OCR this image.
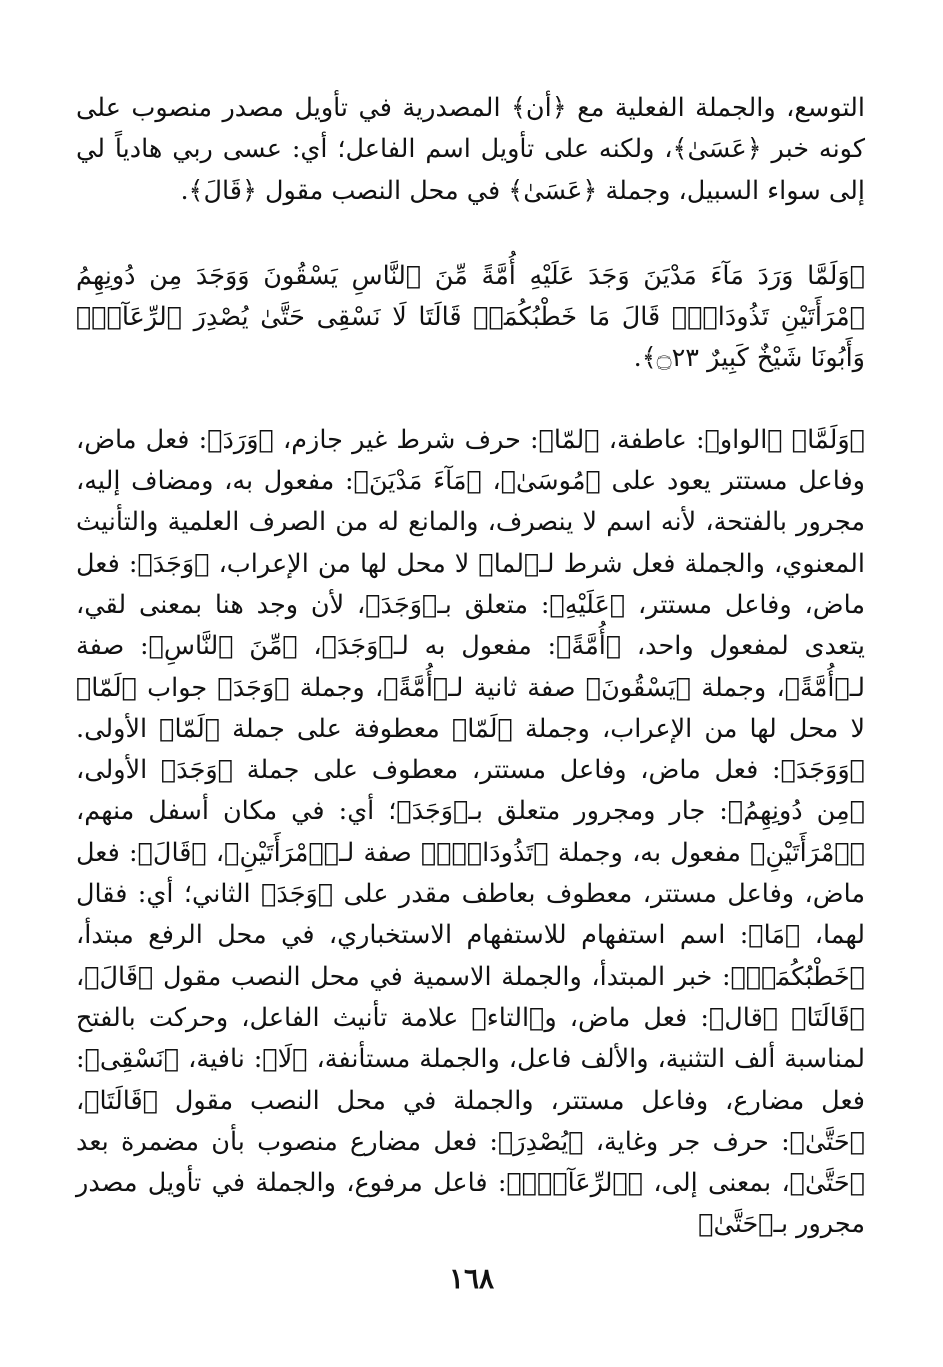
التوسع، والجملة الفعلية مع ﴿أن﴾ المصدرية في تأويل مصدر منصوب على كونه خبر ﴿عَسَىٰ﴾، ولكنه على تأويل اسم الفاعل؛ أي: عسى ربي هادياً لي إلى سواء السبيل، وجملة ﴿عَسَىٰ﴾ في محل النصب مقول ﴿قَالَ﴾.

﴿وَلَمَّا وَرَدَ مَآءَ مَدْيَنَ وَجَدَ عَلَيْهِ أُمَّةً مِّنَ ٱلنَّاسِ يَسْقُونَ وَوَجَدَ مِن دُونِهِمُ ٱمْرَأَتَيْنِ تَذُودَانِۖ قَالَ مَا خَطْبُكُمَاۖ قَالَتَا لَا نَسْقِى حَتَّىٰ يُصْدِرَ ٱلرِّعَآءُۖ وَأَبُونَا شَيْخٌ كَبِيرٌ ۝٢٣﴾.

﴿وَلَمَّا﴾ ﴿الواو﴾: عاطفة، ﴿لمّا﴾: حرف شرط غير جازم، ﴿وَرَدَ﴾: فعل ماض، وفاعل مستتر يعود على ﴿مُوسَىٰ﴾، ﴿مَآءَ مَدْيَنَ﴾: مفعول به، ومضاف إليه، مجرور بالفتحة، لأنه اسم لا ينصرف، والمانع له من الصرف العلمية والتأنيث المعنوي، والجملة فعل شرط لـ﴿لما﴾ لا محل لها من الإعراب، ﴿وَجَدَ﴾: فعل ماض، وفاعل مستتر، ﴿عَلَيْهِ﴾: متعلق بـ﴿وَجَدَ﴾، لأن وجد هنا بمعنى لقي، يتعدى لمفعول واحد، ﴿أُمَّةً﴾: مفعول به لـ﴿وَجَدَ﴾، ﴿مِّنَ ٱلنَّاسِ﴾: صفة لـ﴿أُمَّةً﴾، وجملة ﴿يَسْقُونَ﴾ صفة ثانية لـ﴿أُمَّةً﴾، وجملة ﴿وَجَدَ﴾ جواب ﴿لَمّا﴾ لا محل لها من الإعراب، وجملة ﴿لَمّا﴾ معطوفة على جملة ﴿لَمّا﴾ الأولى. ﴿وَوَجَدَ﴾: فعل ماض، وفاعل مستتر، معطوف على جملة ﴿وَجَدَ﴾ الأولى، ﴿مِن دُونِهِمُ﴾: جار ومجرور متعلق بـ﴿وَجَدَ﴾؛ أي: في مكان أسفل منهم، ﴿ٱمْرَأَتَيْنِ﴾ مفعول به، وجملة ﴿تَذُودَانِۖ﴾ صفة لـ﴿ٱمْرَأَتَيْنِ﴾، ﴿قَالَ﴾: فعل ماض، وفاعل مستتر، معطوف بعاطف مقدر على ﴿وَجَدَ﴾ الثاني؛ أي: فقال لهما، ﴿مَا﴾: اسم استفهام للاستفهام الاستخباري، في محل الرفع مبتدأ، ﴿خَطْبُكُمَاۖ﴾: خبر المبتدأ، والجملة الاسمية في محل النصب مقول ﴿قَالَ﴾، ﴿قَالَتَا﴾ ﴿قال﴾: فعل ماض، و﴿التاء﴾ علامة تأنيث الفاعل، وحركت بالفتح لمناسبة ألف التثنية، والألف فاعل، والجملة مستأنفة، ﴿لَا﴾: نافية، ﴿نَسْقِى﴾: فعل مضارع، وفاعل مستتر، والجملة في محل النصب مقول ﴿قَالَتَا﴾، ﴿حَتَّىٰ﴾: حرف جر وغاية، ﴿يُصْدِرَ﴾: فعل مضارع منصوب بأن مضمرة بعد ﴿حَتَّىٰ﴾، بمعنى إلى، ﴿ٱلرِّعَآءُۖ﴾: فاعل مرفوع، والجملة في تأويل مصدر مجرور بـ﴿حَتَّىٰ﴾

١٦٨
